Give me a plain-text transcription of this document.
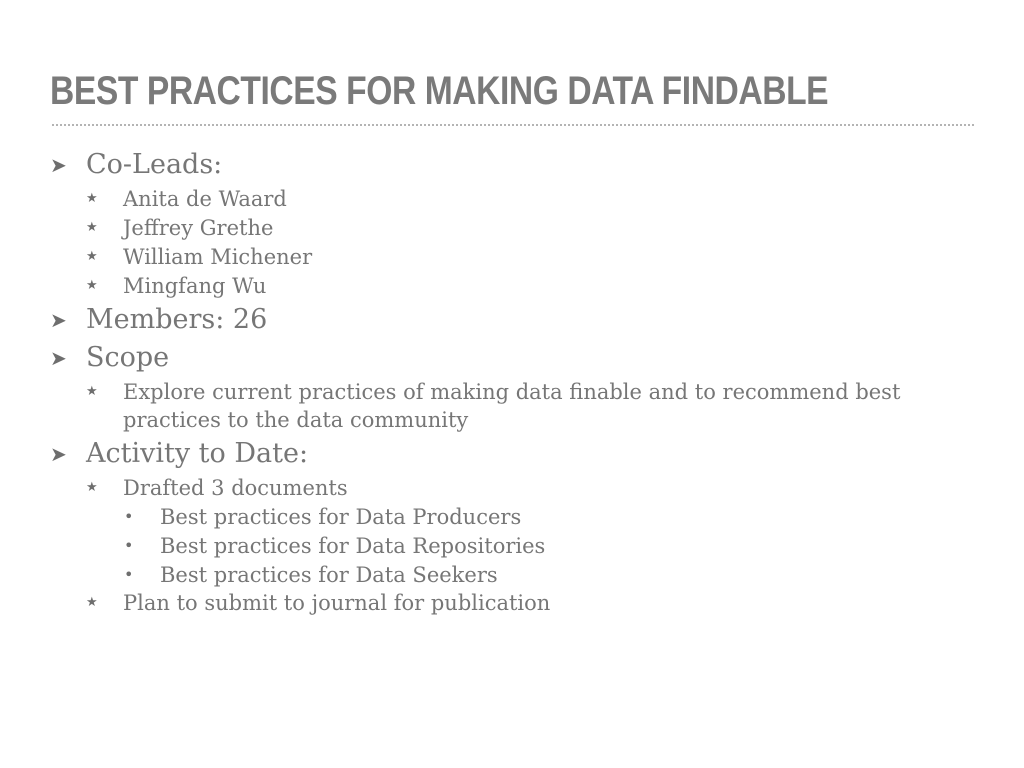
BEST PRACTICES FOR MAKING DATA FINDABLE
➤ Co-Leads:
★ Anita de Waard
★ Jeffrey Grethe
★ William Michener
★ Mingfang Wu
➤ Members: 26
➤ Scope
★ Explore current practices of making data finable and to recommend best practices to the data community
➤ Activity to Date:
★ Drafted 3 documents
• Best practices for Data Producers
• Best practices for Data Repositories
• Best practices for Data Seekers
★ Plan to submit to journal for publication
